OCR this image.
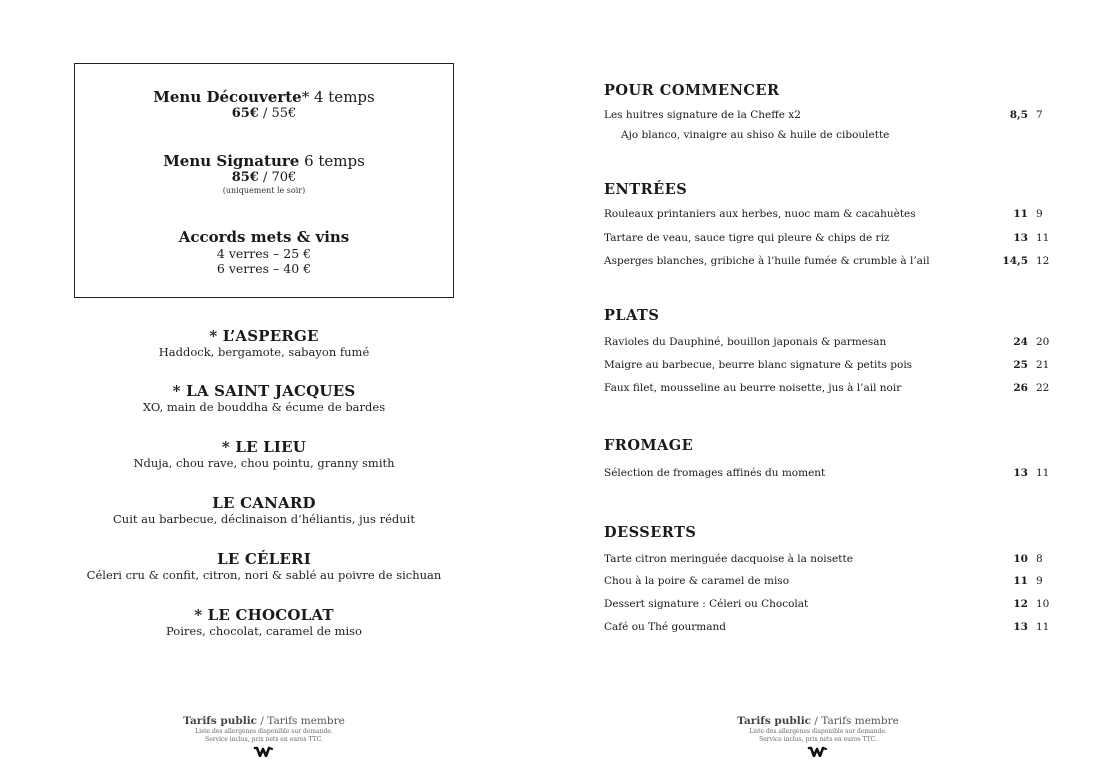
Menu Découverte* 4 temps
65€ / 55€
Menu Signature 6 temps
85€ / 70€
(uniquement le soir)
Accords mets & vins
4 verres – 25 €
6 verres – 40 €
* L’ASPERGE
Haddock, bergamote, sabayon fumé
* LA SAINT JACQUES
XO, main de bouddha & écume de bardes
* LE LIEU
Nduja, chou rave, chou pointu, granny smith
LE CANARD
Cuit au barbecue, déclinaison d’héliantis, jus réduit
LE CÉLERI
Céleri cru & confit, citron, nori & sablé au poivre de sichuan
* LE CHOCOLAT
Poires, chocolat, caramel de miso
POUR COMMENCER
Les huitres signature de la Cheffe x2	8,5 7
Ajo blanco, vinaigre au shiso & huile de ciboulette
ENTRÉES
Rouleaux printaniers aux herbes, nuoc mam & cacahuètes	11 9
Tartare de veau, sauce tigre qui pleure & chips de riz	13 11
Asperges blanches, gribiche à l’huile fumée & crumble à l’ail	14,5 12
PLATS
Ravioles du Dauphiné, bouillon japonais & parmesan	24 20
Maigre au barbecue, beurre blanc signature & petits pois	25 21
Faux filet, mousseline au beurre noisette, jus à l’ail noir	26 22
FROMAGE
Sélection de fromages affinés du moment	13 11
DESSERTS
Tarte citron meringuée dacquoise à la noisette	10 8
Chou à la poire & caramel de miso	11 9
Dessert signature : Céleri ou Chocolat	12 10
Café ou Thé gourmand	13 11
Tarifs public / Tarifs membre
Liste des allergènes disponible sur demande.
Service inclus, prix nets en euros TTC.
Tarifs public / Tarifs membre
Liste des allergènes disponible sur demande.
Service inclus, prix nets en euros TTC.
